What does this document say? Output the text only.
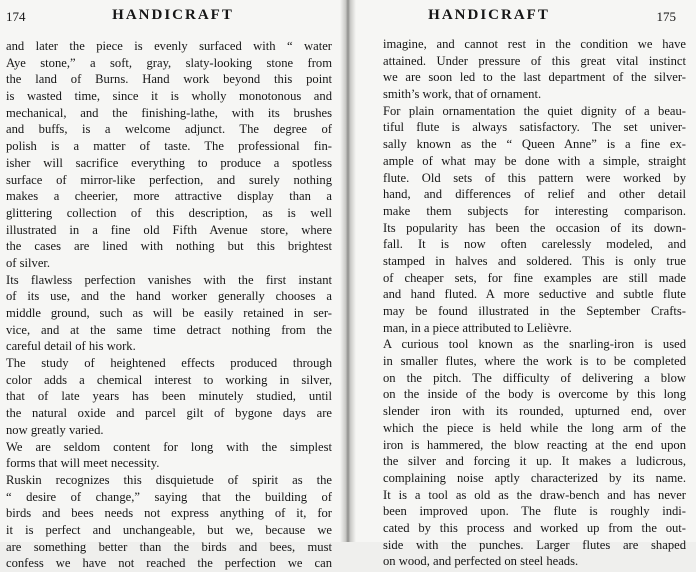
174	HANDICRAFT
and later the piece is evenly surfaced with “ water
Aye stone,” a soft, gray, slaty-looking stone from
the land of Burns. Hand work beyond this point
is wasted time, since it is wholly monotonous and
mechanical, and the finishing-lathe, with its brushes
and buffs, is a welcome adjunct. The degree of
polish is a matter of taste. The professional fin-
isher will sacrifice everything to produce a spotless
surface of mirror-like perfection, and surely nothing
makes a cheerier, more attractive display than a
glittering collection of this description, as is well
illustrated in a fine old Fifth Avenue store, where
the cases are lined with nothing but this brightest
of silver.
Its flawless perfection vanishes with the first instant
of its use, and the hand worker generally chooses a
middle ground, such as will be easily retained in ser-
vice, and at the same time detract nothing from the
careful detail of his work.
The study of heightened effects produced through
color adds a chemical interest to working in silver,
that of late years has been minutely studied, until
the natural oxide and parcel gilt of bygone days are
now greatly varied.
We are seldom content for long with the simplest
forms that will meet necessity.
Ruskin recognizes this disquietude of spirit as the
“ desire of change,” saying that the building of
birds and bees needs not express anything of it, for
it is perfect and unchangeable, but we, because we
are something better than the birds and bees, must
confess we have not reached the perfection we can
HANDICRAFT	175
imagine, and cannot rest in the condition we have
attained. Under pressure of this great vital instinct
we are soon led to the last department of the silver-
smith’s work, that of ornament.
For plain ornamentation the quiet dignity of a beau-
tiful flute is always satisfactory. The set univer-
sally known as the “ Queen Anne” is a fine ex-
ample of what may be done with a simple, straight
flute. Old sets of this pattern were worked by
hand, and differences of relief and other detail
make them subjects for interesting comparison.
Its popularity has been the occasion of its down-
fall. It is now often carelessly modeled, and
stamped in halves and soldered. This is only true
of cheaper sets, for fine examples are still made
and hand fluted. A more seductive and subtle flute
may be found illustrated in the September Crafts-
man, in a piece attributed to Lelièvre.
A curious tool known as the snarling-iron is used
in smaller flutes, where the work is to be completed
on the pitch. The difficulty of delivering a blow
on the inside of the body is overcome by this long
slender iron with its rounded, upturned end, over
which the piece is held while the long arm of the
iron is hammered, the blow reacting at the end upon
the silver and forcing it up. It makes a ludicrous,
complaining noise aptly characterized by its name.
It is a tool as old as the draw-bench and has never
been improved upon. The flute is roughly indi-
cated by this process and worked up from the out-
side with the punches. Larger flutes are shaped
on wood, and perfected on steel heads.
